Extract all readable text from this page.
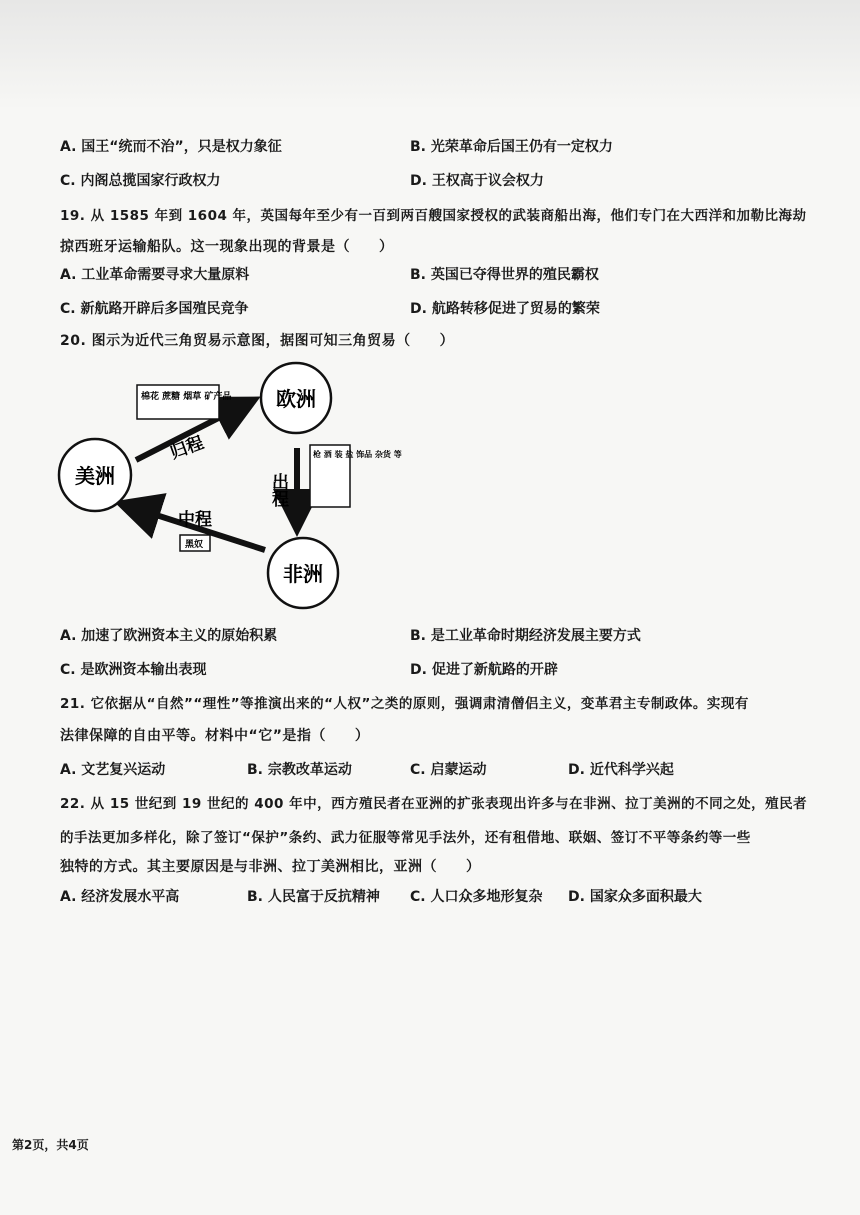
A. 国王“统而不治”，只是权力象征	B. 光荣革命后国王仍有一定权力
C. 内阁总揽国家行政权力	D. 王权高于议会权力
19. 从 1585 年到 1604 年，英国每年至少有一百到两百艘国家授权的武装商船出海，他们专门在大西洋和加勒比海劫
掠西班牙运输船队。这一现象出现的背景是（　　）
A. 工业革命需要寻求大量原料	B. 英国已夺得世界的殖民霸权
C. 新航路开辟后多国殖民竞争	D. 航路转移促进了贸易的繁荣
20. 图示为近代三角贸易示意图，据图可知三角贸易（　　）
欧洲
美洲
非洲
归程
出程
中程
棉花 蔗糖 烟草 矿产品
枪 酒 装 盐 饰品 杂货 等
黑奴
A. 加速了欧洲资本主义的原始积累	B. 是工业革命时期经济发展主要方式
C. 是欧洲资本输出表现	D. 促进了新航路的开辟
21. 它依据从“自然”“理性”等推演出来的“人权”之类的原则，强调肃清僧侣主义，变革君主专制政体。实现有
法律保障的自由平等。材料中“它”是指（　　）
A. 文艺复兴运动	B. 宗教改革运动	C. 启蒙运动	D. 近代科学兴起
22. 从 15 世纪到 19 世纪的 400 年中，西方殖民者在亚洲的扩张表现出许多与在非洲、拉丁美洲的不同之处，殖民者
的手法更加多样化，除了签订“保护”条约、武力征服等常见手法外，还有租借地、联姻、签订不平等条约等一些
独特的方式。其主要原因是与非洲、拉丁美洲相比，亚洲（　　）
A. 经济发展水平高	B. 人民富于反抗精神 C. 人口众多地形复杂 D. 国家众多面积最大
第2页，共4页
